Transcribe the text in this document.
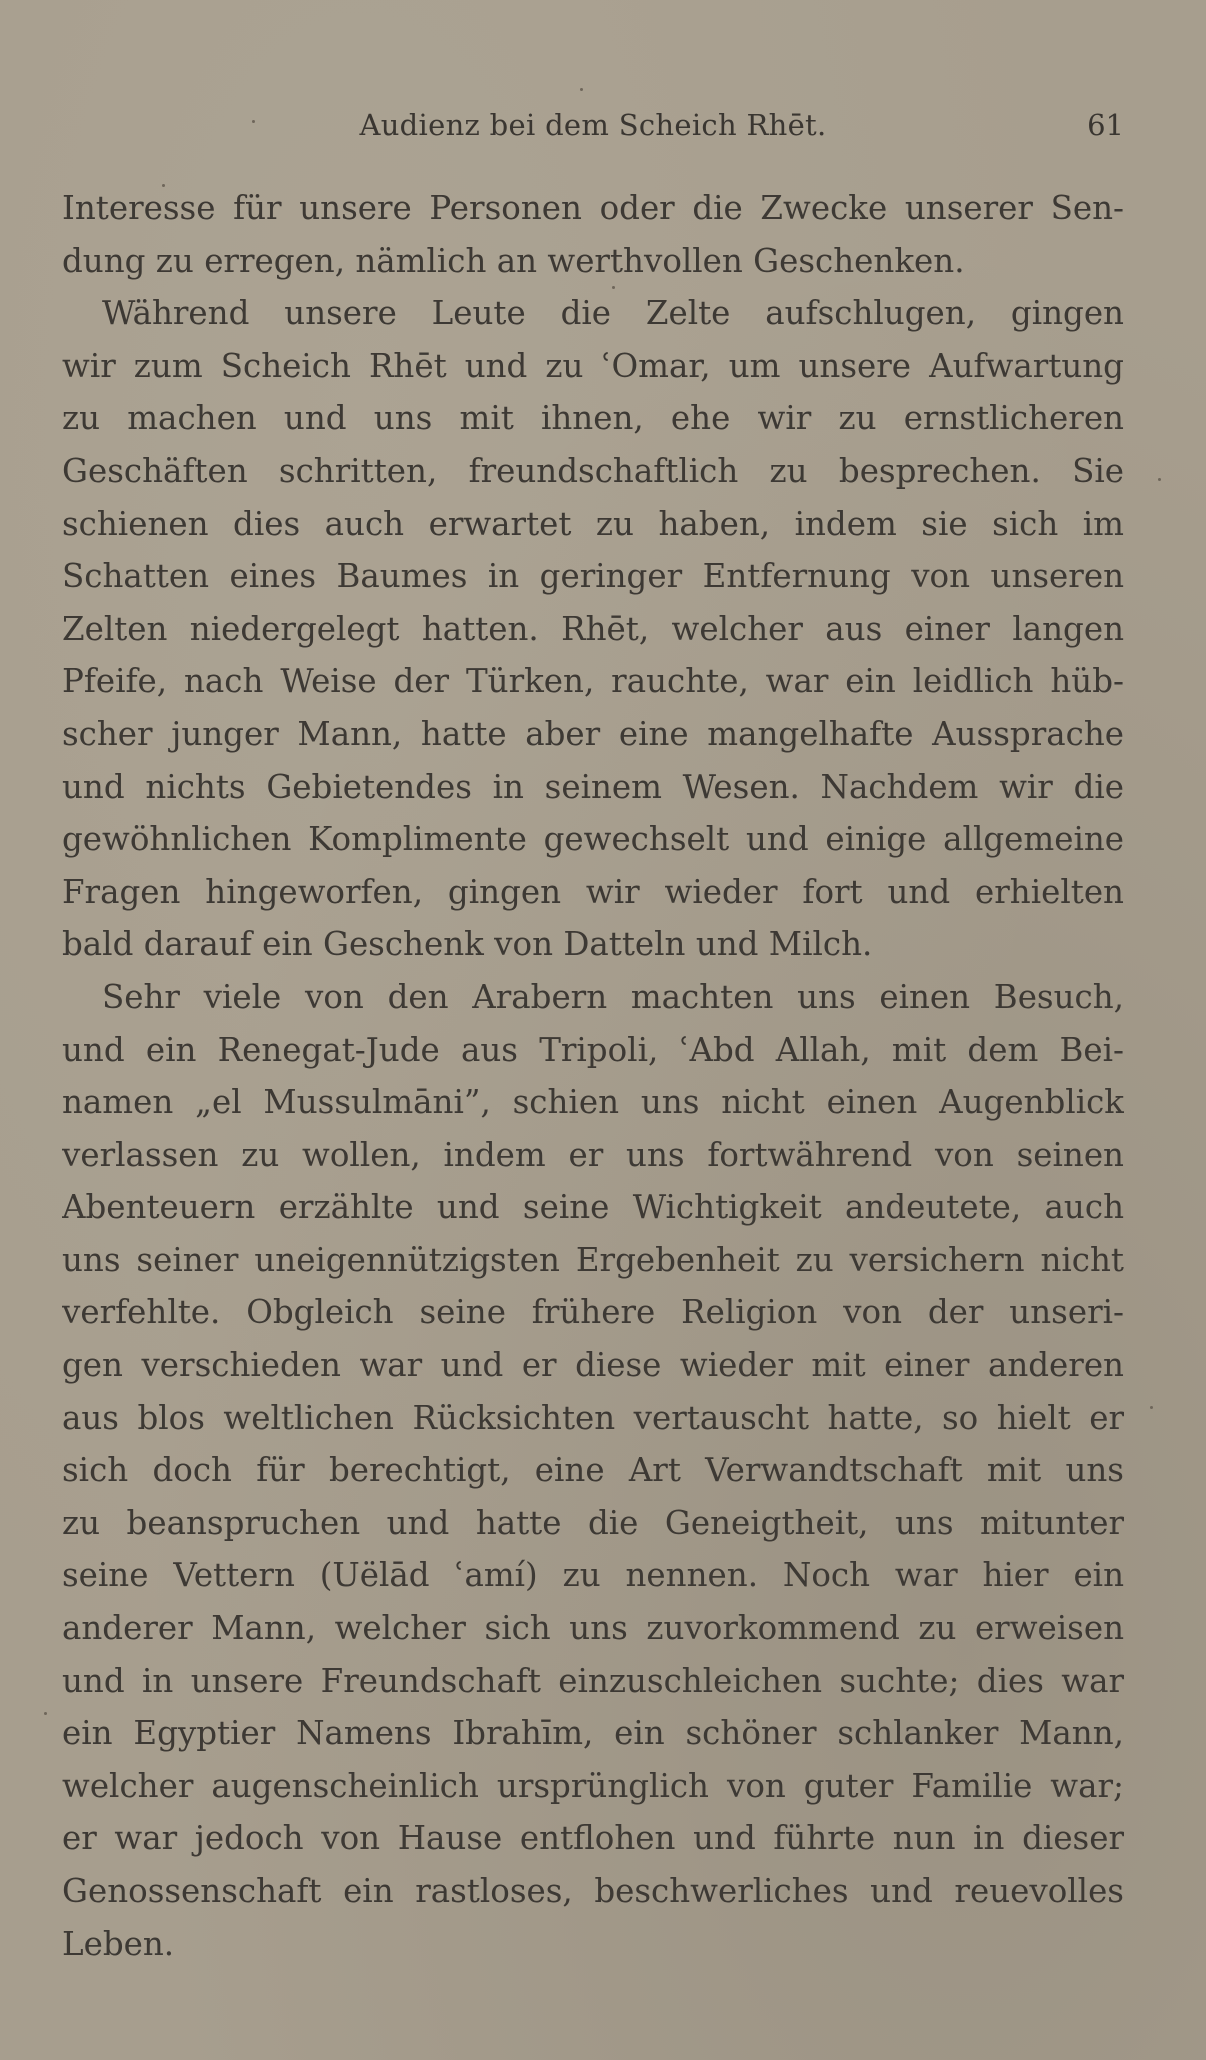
Audienz bei dem Scheich Rhēt.	61
Interesse für unsere Personen oder die Zwecke unserer Sen-
dung zu erregen, nämlich an werthvollen Geschenken.
Während unsere Leute die Zelte aufschlugen, gingen
wir zum Scheich Rhēt und zu ʿOmar, um unsere Aufwartung
zu machen und uns mit ihnen, ehe wir zu ernstlicheren
Geschäften schritten, freundschaftlich zu besprechen. Sie
schienen dies auch erwartet zu haben, indem sie sich im
Schatten eines Baumes in geringer Entfernung von unseren
Zelten niedergelegt hatten. Rhēt, welcher aus einer langen
Pfeife, nach Weise der Türken, rauchte, war ein leidlich hüb-
scher junger Mann, hatte aber eine mangelhafte Aussprache
und nichts Gebietendes in seinem Wesen. Nachdem wir die
gewöhnlichen Komplimente gewechselt und einige allgemeine
Fragen hingeworfen, gingen wir wieder fort und erhielten
bald darauf ein Geschenk von Datteln und Milch.
Sehr viele von den Arabern machten uns einen Besuch,
und ein Renegat-Jude aus Tripoli, ʿAbd Allah, mit dem Bei-
namen „el Mussulmāni”, schien uns nicht einen Augenblick
verlassen zu wollen, indem er uns fortwährend von seinen
Abenteuern erzählte und seine Wichtigkeit andeutete, auch
uns seiner uneigennützigsten Ergebenheit zu versichern nicht
verfehlte. Obgleich seine frühere Religion von der unseri-
gen verschieden war und er diese wieder mit einer anderen
aus blos weltlichen Rücksichten vertauscht hatte, so hielt er
sich doch für berechtigt, eine Art Verwandtschaft mit uns
zu beanspruchen und hatte die Geneigtheit, uns mitunter
seine Vettern (Uëlād ʿamí) zu nennen. Noch war hier ein
anderer Mann, welcher sich uns zuvorkommend zu erweisen
und in unsere Freundschaft einzuschleichen suchte; dies war
ein Egyptier Namens Ibrahīm, ein schöner schlanker Mann,
welcher augenscheinlich ursprünglich von guter Familie war;
er war jedoch von Hause entflohen und führte nun in dieser
Genossenschaft ein rastloses, beschwerliches und reuevolles
Leben.
